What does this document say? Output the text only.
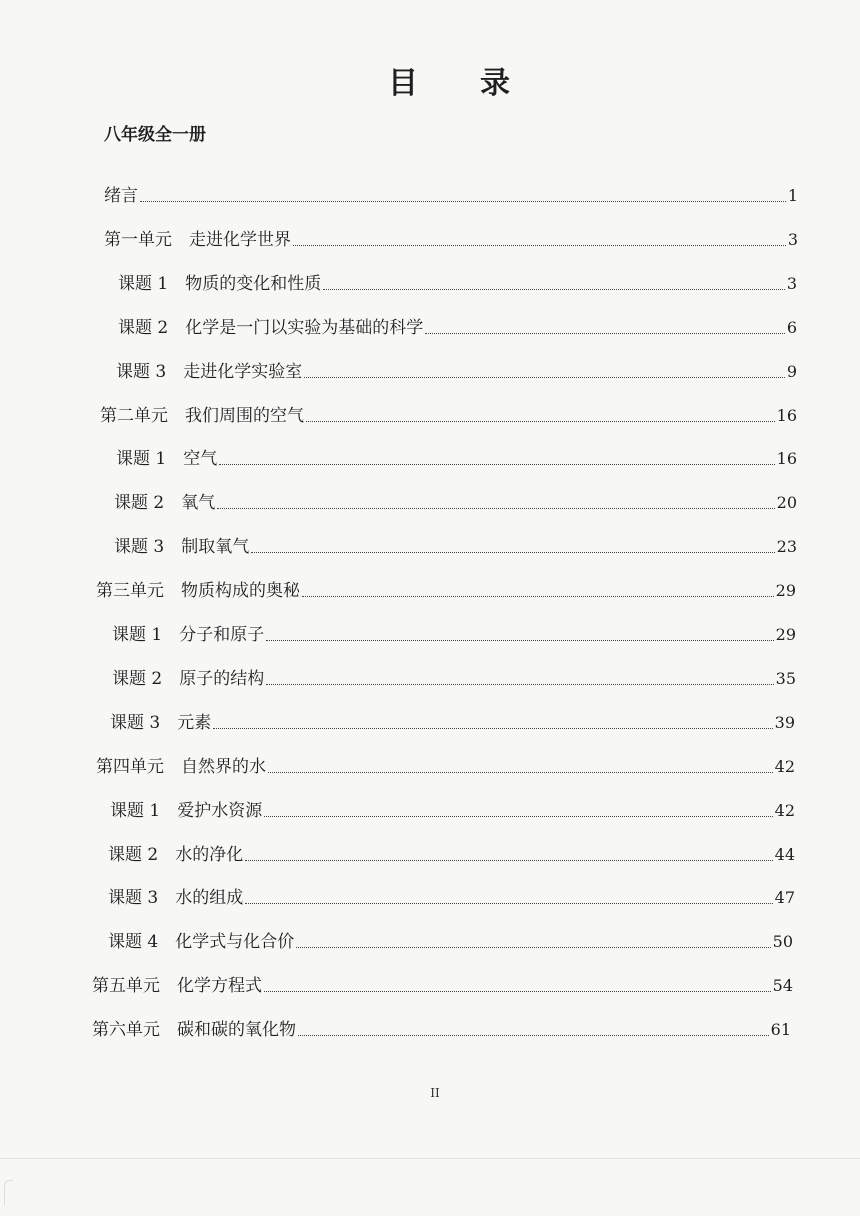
目 录
八年级全一册
绪言	1
第一单元　走进化学世界	3
课题 1　物质的变化和性质	3
课题 2　化学是一门以实验为基础的科学	6
课题 3　走进化学实验室	9
第二单元　我们周围的空气	16
课题 1　空气	16
课题 2　氧气	20
课题 3　制取氧气	23
第三单元　物质构成的奥秘	29
课题 1　分子和原子	29
课题 2　原子的结构	35
课题 3　元素	39
第四单元　自然界的水	42
课题 1　爱护水资源	42
课题 2　水的净化	44
课题 3　水的组成	47
课题 4　化学式与化合价	50
第五单元　化学方程式	54
第六单元　碳和碳的氧化物	61
II
